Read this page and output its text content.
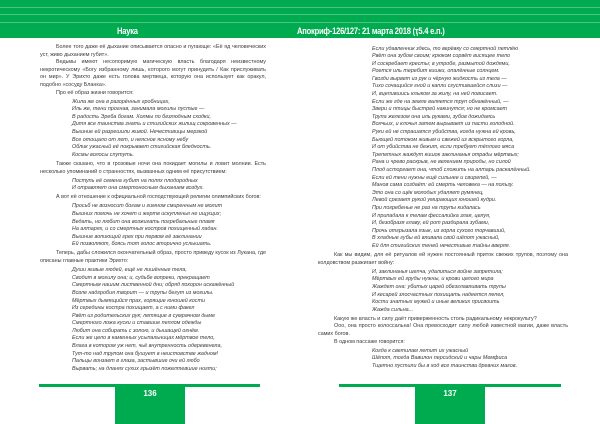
Наука	Апокриф-126/127: 21 марта 2018 (ҭ5.4 е.п.)

Более того даже её дыхание описывается опасно и пугающе: «Её яд человеческих уст, живо дыханием губит».

Ведьмы имеют несопоримую магическую власть благодаря неизвестному некротическому «Богу избранному лишь, которого могут принудить / Как прислуживать он мир». У Эрихто даже есть голова мертвеца, которую она использует как оракул, подобно «сосуду Бланка».

Про её образ жизни говорится:

Жила же она в разорённых гробницах,
Иль же, тени прогнав, занимала могилы пустые —
В радость Эреба богам. Холмы по безлюдным сходки,
Дитя все таинства знать и стигийских жилищ сокровенных —
Вышние ей разрешили живой. Нечестивицы мерзкой
Все отощало от лет, и неясное ясному небу
Облик ужасный её покрывает стигийская бледность.
Космы волосы спутуть.

Также сказано, что в грозовые ночи она покидает могилы и ловит молнии. Есть несколько упоминаний о странностях, вызванных одним её присутствием:

Поступь её семена губит на полях плодородных
И отравляет она смертоносным дыханием воздух.

А вот её отношение к официальной господствующей религии олимпийских богов:

Просьб не возносит богам и гимном смиренным не молит
Вышних помочь не хочет и жертв искупленья не ищущих;
Ведать, но любит она возжигать погребальные пламя
На алтарях, и со смертных костров похищенный ладан.
Вышние вопиющий грех при первом её заклинании
Ей позволяют, боясь тот голос вторично услышать.

Теперь, дабы сложился окончательный образ, просто приведу кусок из Лукана, где описаны главные практики Эрихто:

Души живые людей, ещё не лишённые тела,
Сводит в могилу она; и, судьбе вопреки, прекращает
Смертным нашим лиственной дни; обряд похорон искажённый
Возле надгробия творит — и трупы бегут из могилы.
Мёртвых дымящийся прах, горящие юношей кости
Из середины костра похищает, а с ними факел
Рвёт из родительских рук; летящие в сумрачном дыме
Смертного ложа куски и ставшие пеплом одежды
Любит она собирать с золою, и дышащей огнём.
Если же цело в каменных усыпальницах мёртвое тело,
Влага в котором уж нет, чьё внутренность одеревенела,
Тут-то над трупом она бушует в неистовстве жадном!
Пальцы вонзает в глаза, застывшие очи ей любо
Вырвать; на дланях сухих грызёт пожелтевшие ногти;
Если удавленник здесь, то верёвку со смертной петлёю
Рвёт она зубом своим; крюком сорвёт висящее тело
И соскребает кресты; в утробе, размытой дождями,
Роется иль теребит кишки, опалённые солнцем.
Гвозди вырвет из рук и чёрную жидкость из тела —
Тихо сочащийся гной и капли сгустившейся слизи —
И, вцепившись клыком за жилу, на ней повисает.
Если же где на земле валяется труп обнажённый, —
Звери и птицы быстрей накинутся; но не кромсает
Трупа железом она иль руками, зубов дожидаясь
Волчьих, и клочья затем вырывает из пасти голодной.
Руки ей не страшатся убийства, когда нужна ей кровь,
Бьющей потоком живым и свежей из вскрытого горла,
И от убийства не бежит, если требует тёплого мяса
Трепетных жаждут кишок заклинанья отрады мёртвых;
Рана и чрево раскрыв, не велением природы, но силой
Плод исторгает она, чтоб сложить на алтарь раскалённый.
Если ей тени нужны ещё сильнее и свирепей, —
Манов сама создаёт: ей смерть человека — на пользу.
Это она со щёк молодых удаляет румянец,
Левой срезает рукой умирающих юношей кудри.
При погребенье не раз на трупы кидалась
И припадала к телам фессалийка злая, целуя,
И, безобразя главу, ей рот раздирала зубами,
Прочь отгрызала язык, из горла сухого торчавший,
В хладные губы ей вливала свой шёпот ужасный,
Ей для стигийских теней нечестивые тайны вверяя.

Как мы видим, для её ритуалов ей нужен постоянный приток свежих трупов, поэтому она колдовством разжигает войну:

И, заклинанья шепча, удалиться войне запретила;
Мёртвых ей груды нужны, и крови целого мира
Жаждет она: убитых царей обезглавливать трупы
И кесарей злосчастных похищать надеется пепел,
Кости знатных мужей и иные великих присвоить
Жажда сильна...

Какую же власть и силу даёт приверженность столь радикальному некрокульту?

Ооо, она просто колоссальна! Она превосходит силу любой известной магии, даже власть самих богов.

В одном пассаже говорится:

Когда к светилам летит их ужасный
Шёпот, тогда Вавилон персидский и чары Мемфиса
Тщетно пустили бы в ход все таинства древних магов.
136	137
